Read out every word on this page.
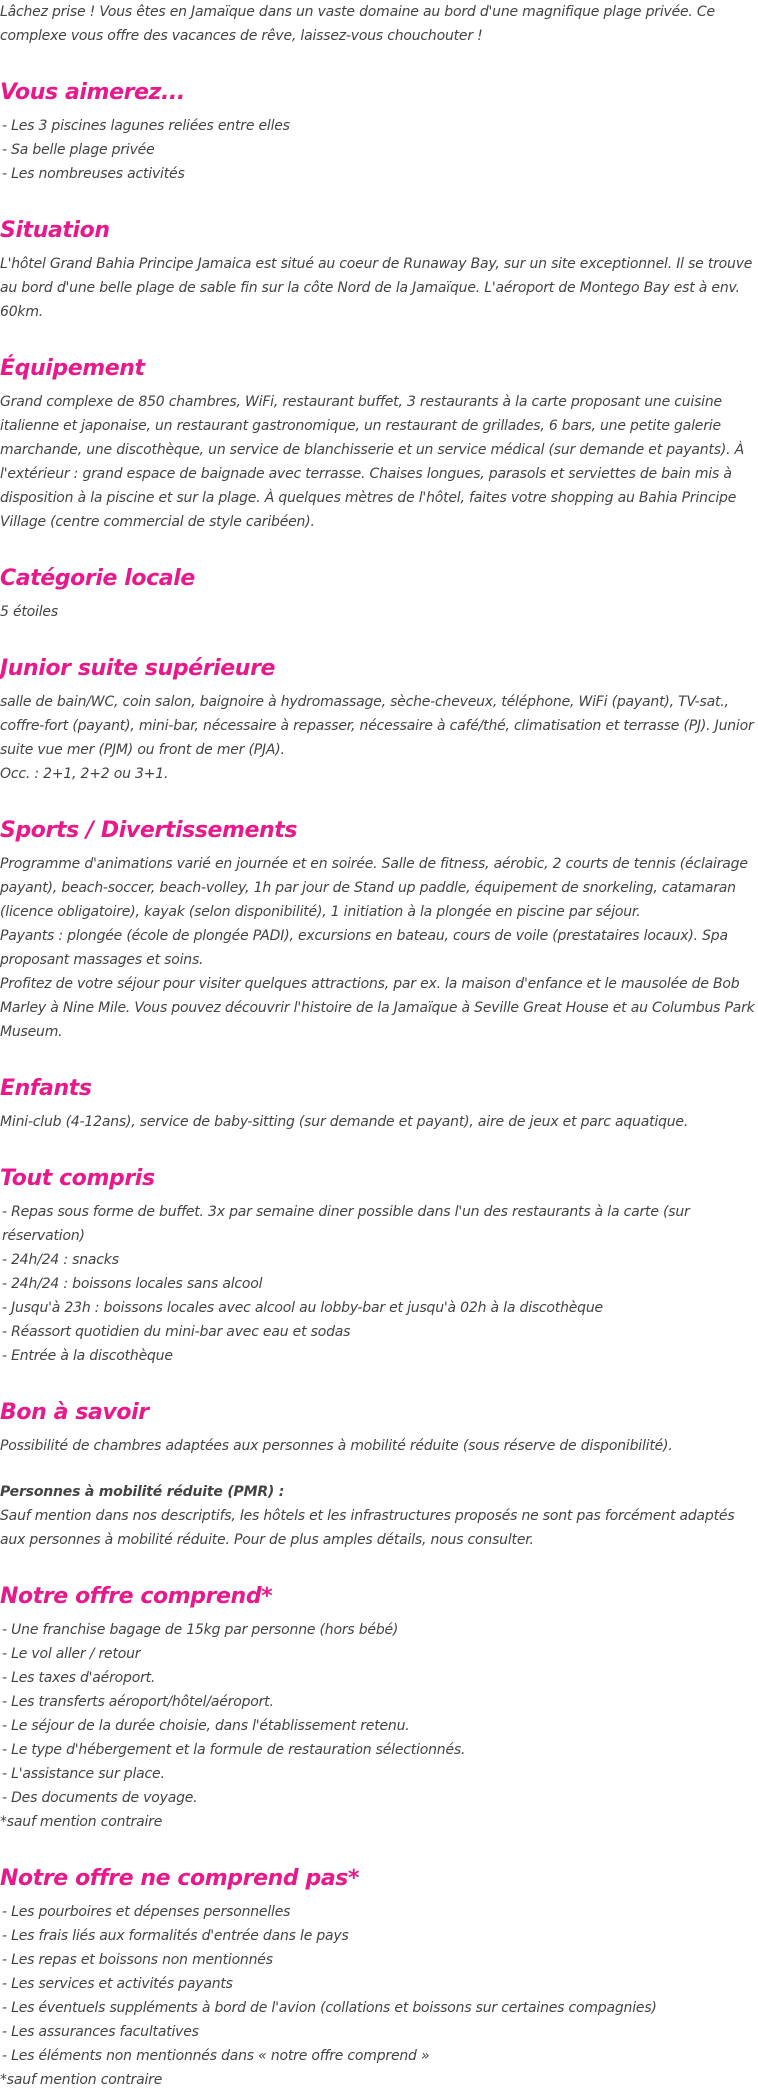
Lâchez prise ! Vous êtes en Jamaïque dans un vaste domaine au bord d'une magnifique plage privée. Ce complexe vous offre des vacances de rêve, laissez-vous chouchouter !

Vous aimerez...
- Les 3 piscines lagunes reliées entre elles
- Sa belle plage privée
- Les nombreuses activités
Situation

L'hôtel Grand Bahia Principe Jamaica est situé au coeur de Runaway Bay, sur un site exceptionnel. Il se trouve au bord d'une belle plage de sable fin sur la côte Nord de la Jamaïque. L'aéroport de Montego Bay est à env. 60km.

Équipement

Grand complexe de 850 chambres, WiFi, restaurant buffet, 3 restaurants à la carte proposant une cuisine italienne et japonaise, un restaurant gastronomique, un restaurant de grillades, 6 bars, une petite galerie marchande, une discothèque, un service de blanchisserie et un service médical (sur demande et payants). À l'extérieur : grand espace de baignade avec terrasse. Chaises longues, parasols et serviettes de bain mis à disposition à la piscine et sur la plage. À quelques mètres de l'hôtel, faites votre shopping au Bahia Principe Village (centre commercial de style caribéen).

Catégorie locale

5 étoiles

Junior suite supérieure

salle de bain/WC, coin salon, baignoire à hydromassage, sèche-cheveux, téléphone, WiFi (payant), TV-sat., coffre-fort (payant), mini-bar, nécessaire à repasser, nécessaire à café/thé, climatisation et terrasse (PJ). Junior suite vue mer (PJM) ou front de mer (PJA).

Occ. : 2+1, 2+2 ou 3+1.

Sports / Divertissements

Programme d'animations varié en journée et en soirée. Salle de fitness, aérobic, 2 courts de tennis (éclairage payant), beach-soccer, beach-volley, 1h par jour de Stand up paddle, équipement de snorkeling, catamaran (licence obligatoire), kayak (selon disponibilité), 1 initiation à la plongée en piscine par séjour.

Payants : plongée (école de plongée PADI), excursions en bateau, cours de voile (prestataires locaux). Spa proposant massages et soins.

Profitez de votre séjour pour visiter quelques attractions, par ex. la maison d'enfance et le mausolée de Bob Marley à Nine Mile. Vous pouvez découvrir l'histoire de la Jamaïque à Seville Great House et au Columbus Park Museum.

Enfants

Mini-club (4-12ans), service de baby-sitting (sur demande et payant), aire de jeux et parc aquatique.

Tout compris
- Repas sous forme de buffet. 3x par semaine diner possible dans l'un des restaurants à la carte (sur réservation)
- 24h/24 : snacks
- 24h/24 : boissons locales sans alcool
- Jusqu'à 23h : boissons locales avec alcool au lobby-bar et jusqu'à 02h à la discothèque
- Réassort quotidien du mini-bar avec eau et sodas
- Entrée à la discothèque
Bon à savoir

Possibilité de chambres adaptées aux personnes à mobilité réduite (sous réserve de disponibilité).

Personnes à mobilité réduite (PMR) :

Sauf mention dans nos descriptifs, les hôtels et les infrastructures proposés ne sont pas forcément adaptés aux personnes à mobilité réduite. Pour de plus amples détails, nous consulter.

Notre offre comprend*
- Une franchise bagage de 15kg par personne (hors bébé)
- Le vol aller / retour
- Les taxes d'aéroport.
- Les transferts aéroport/hôtel/aéroport.
- Le séjour de la durée choisie, dans l'établissement retenu.
- Le type d'hébergement et la formule de restauration sélectionnés.
- L'assistance sur place.
- Des documents de voyage.
*sauf mention contraire
Notre offre ne comprend pas*
- Les pourboires et dépenses personnelles
- Les frais liés aux formalités d'entrée dans le pays
- Les repas et boissons non mentionnés
- Les services et activités payants
- Les éventuels suppléments à bord de l'avion (collations et boissons sur certaines compagnies)
- Les assurances facultatives
- Les éléments non mentionnés dans « notre offre comprend »
*sauf mention contraire
